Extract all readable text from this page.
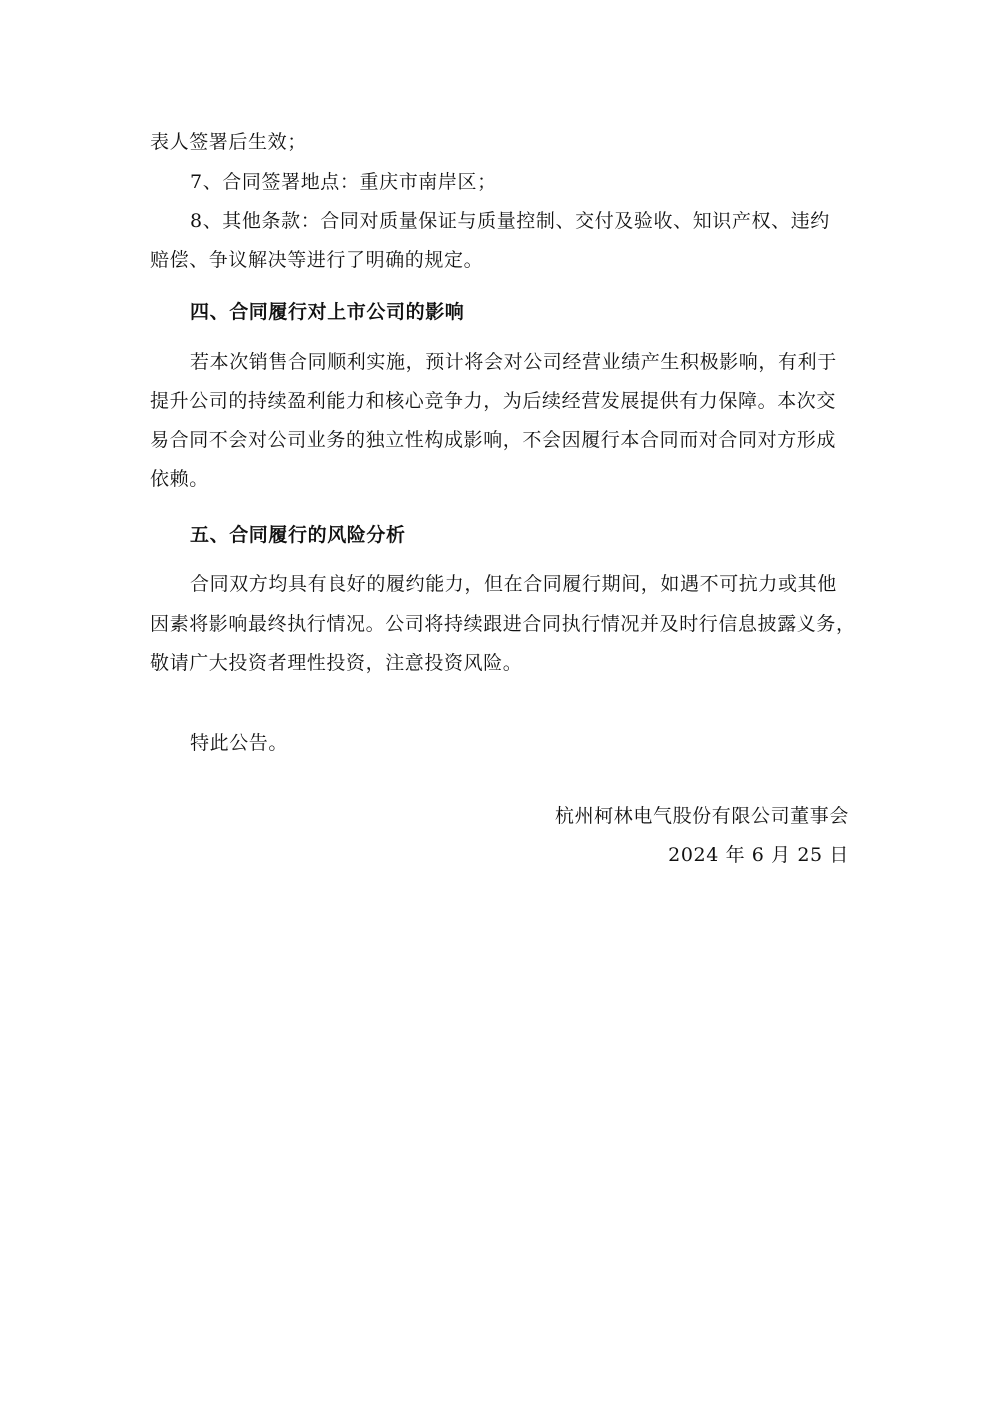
表人签署后生效；
7、合同签署地点：重庆市南岸区；
8、其他条款：合同对质量保证与质量控制、交付及验收、知识产权、违约
赔偿、争议解决等进行了明确的规定。
四、合同履行对上市公司的影响
若本次销售合同顺利实施，预计将会对公司经营业绩产生积极影响，有利于
提升公司的持续盈利能力和核心竞争力，为后续经营发展提供有力保障。本次交
易合同不会对公司业务的独立性构成影响，不会因履行本合同而对合同对方形成
依赖。
五、合同履行的风险分析
合同双方均具有良好的履约能力，但在合同履行期间，如遇不可抗力或其他
因素将影响最终执行情况。公司将持续跟进合同执行情况并及时行信息披露义务，
敬请广大投资者理性投资，注意投资风险。
特此公告。
杭州柯林电气股份有限公司董事会
2024 年 6 月 25 日
